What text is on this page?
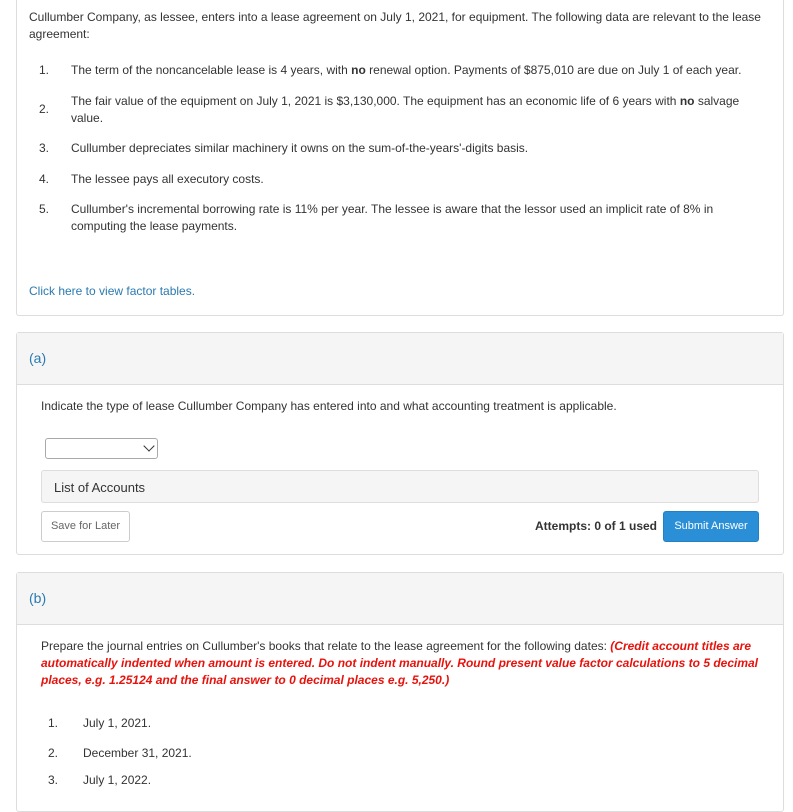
Cullumber Company, as lessee, enters into a lease agreement on July 1, 2021, for equipment. The following data are relevant to the lease agreement:
1. The term of the noncancelable lease is 4 years, with no renewal option. Payments of $875,010 are due on July 1 of each year.
2.
The fair value of the equipment on July 1, 2021 is $3,130,000. The equipment has an economic life of 6 years with no salvage value.
3. Cullumber depreciates similar machinery it owns on the sum-of-the-years'-digits basis.
4. The lessee pays all executory costs.
5. Cullumber's incremental borrowing rate is 11% per year. The lessee is aware that the lessor used an implicit rate of 8% in computing the lease payments.
Click here to view factor tables.
(a)
Indicate the type of lease Cullumber Company has entered into and what accounting treatment is applicable.
List of Accounts
Save for Later	Attempts: 0 of 1 used	Submit Answer
(b)
Prepare the journal entries on Cullumber's books that relate to the lease agreement for the following dates: (Credit account titles are automatically indented when amount is entered. Do not indent manually. Round present value factor calculations to 5 decimal places, e.g. 1.25124 and the final answer to 0 decimal places e.g. 5,250.)
1. July 1, 2021.
2. December 31, 2021.
3. July 1, 2022.
